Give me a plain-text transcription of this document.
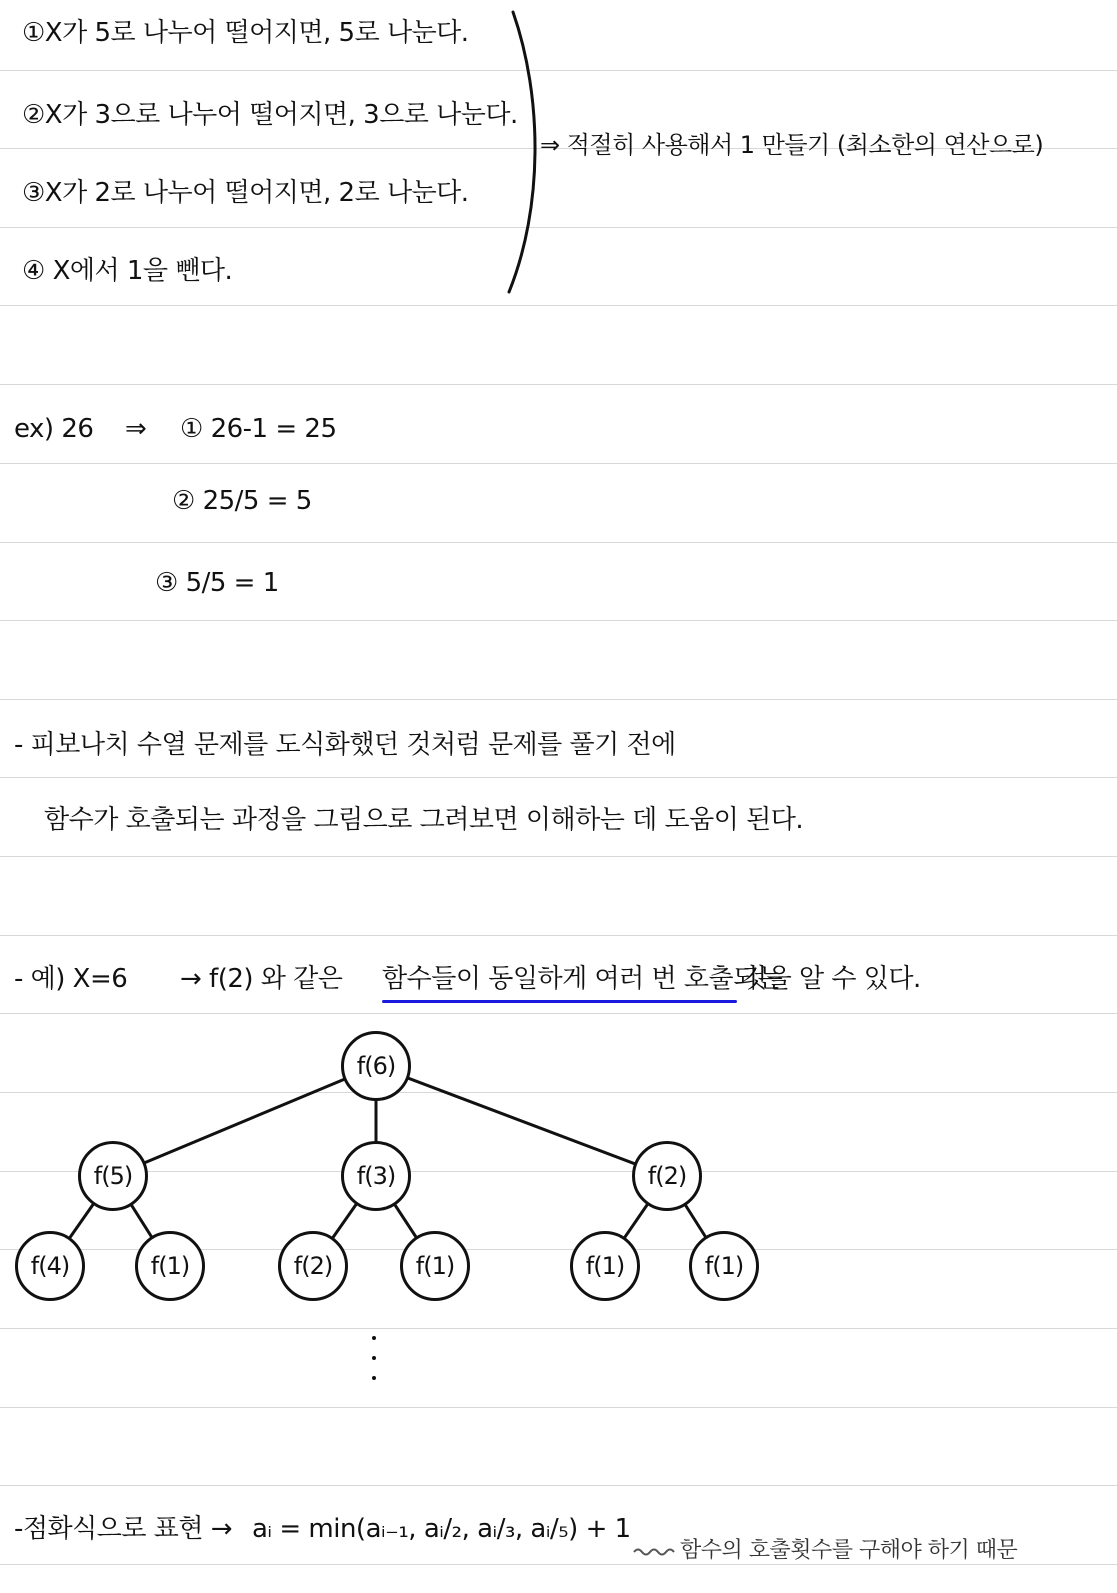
①X가 5로 나누어 떨어지면, 5로 나눈다.
②X가 3으로 나누어 떨어지면, 3으로 나눈다.
③X가 2로 나누어 떨어지면, 2로 나눈다.
④ X에서 1을 뺀다.
⇒ 적절히 사용해서 1 만들기 (최소한의 연산으로)
ex) 26 ⇒ ① 26-1 = 25
② 25/5 = 5
③ 5/5 = 1
- 피보나치 수열 문제를 도식화했던 것처럼 문제를 풀기 전에
함수가 호출되는 과정을 그림으로 그려보면 이해하는 데 도움이 된다.
- 예) X=6 → f(2) 와 같은 함수들이 동일하게 여러 번 호출되는
것을 알 수 있다.
f(6)
f(5)	f(3)	f(2)
f(4)	f(1)	f(2)	f(1)	f(1)	f(1)
-점화식으로 표현 → aᵢ = min(aᵢ₋₁, aᵢ/₂, aᵢ/₃, aᵢ/₅) + 1
함수의 호출횟수를 구해야 하기 때문
